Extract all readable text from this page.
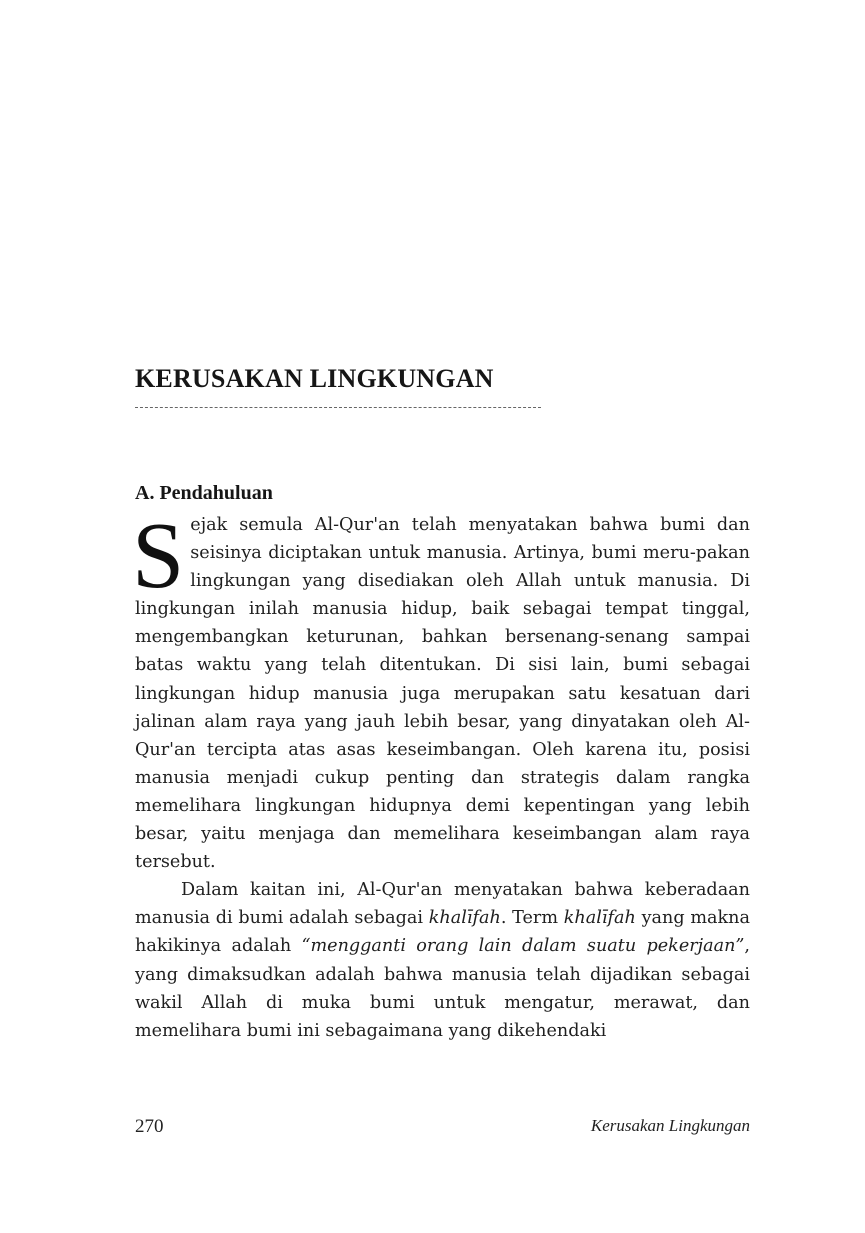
KERUSAKAN LINGKUNGAN
A. Pendahuluan

Sejak semula Al-Qur'an telah menyatakan bahwa bumi dan seisinya diciptakan untuk manusia. Artinya, bumi meru-pakan lingkungan yang disediakan oleh Allah untuk manusia. Di lingkungan inilah manusia hidup, baik sebagai tempat tinggal, mengembangkan keturunan, bahkan bersenang-senang sampai batas waktu yang telah ditentukan. Di sisi lain, bumi sebagai lingkungan hidup manusia juga merupakan satu kesatuan dari jalinan alam raya yang jauh lebih besar, yang dinyatakan oleh Al-Qur'an tercipta atas asas keseimbangan. Oleh karena itu, posisi manusia menjadi cukup penting dan strategis dalam rangka memelihara lingkungan hidupnya demi kepentingan yang lebih besar, yaitu menjaga dan memelihara keseimbangan alam raya tersebut.

Dalam kaitan ini, Al-Qur'an menyatakan bahwa keberadaan manusia di bumi adalah sebagai khalīfah. Term khalīfah yang makna hakikinya adalah “mengganti orang lain dalam suatu pekerjaan”, yang dimaksudkan adalah bahwa manusia telah dijadikan sebagai wakil Allah di muka bumi untuk mengatur, merawat, dan memelihara bumi ini sebagaimana yang dikehendaki

270	Kerusakan Lingkungan
